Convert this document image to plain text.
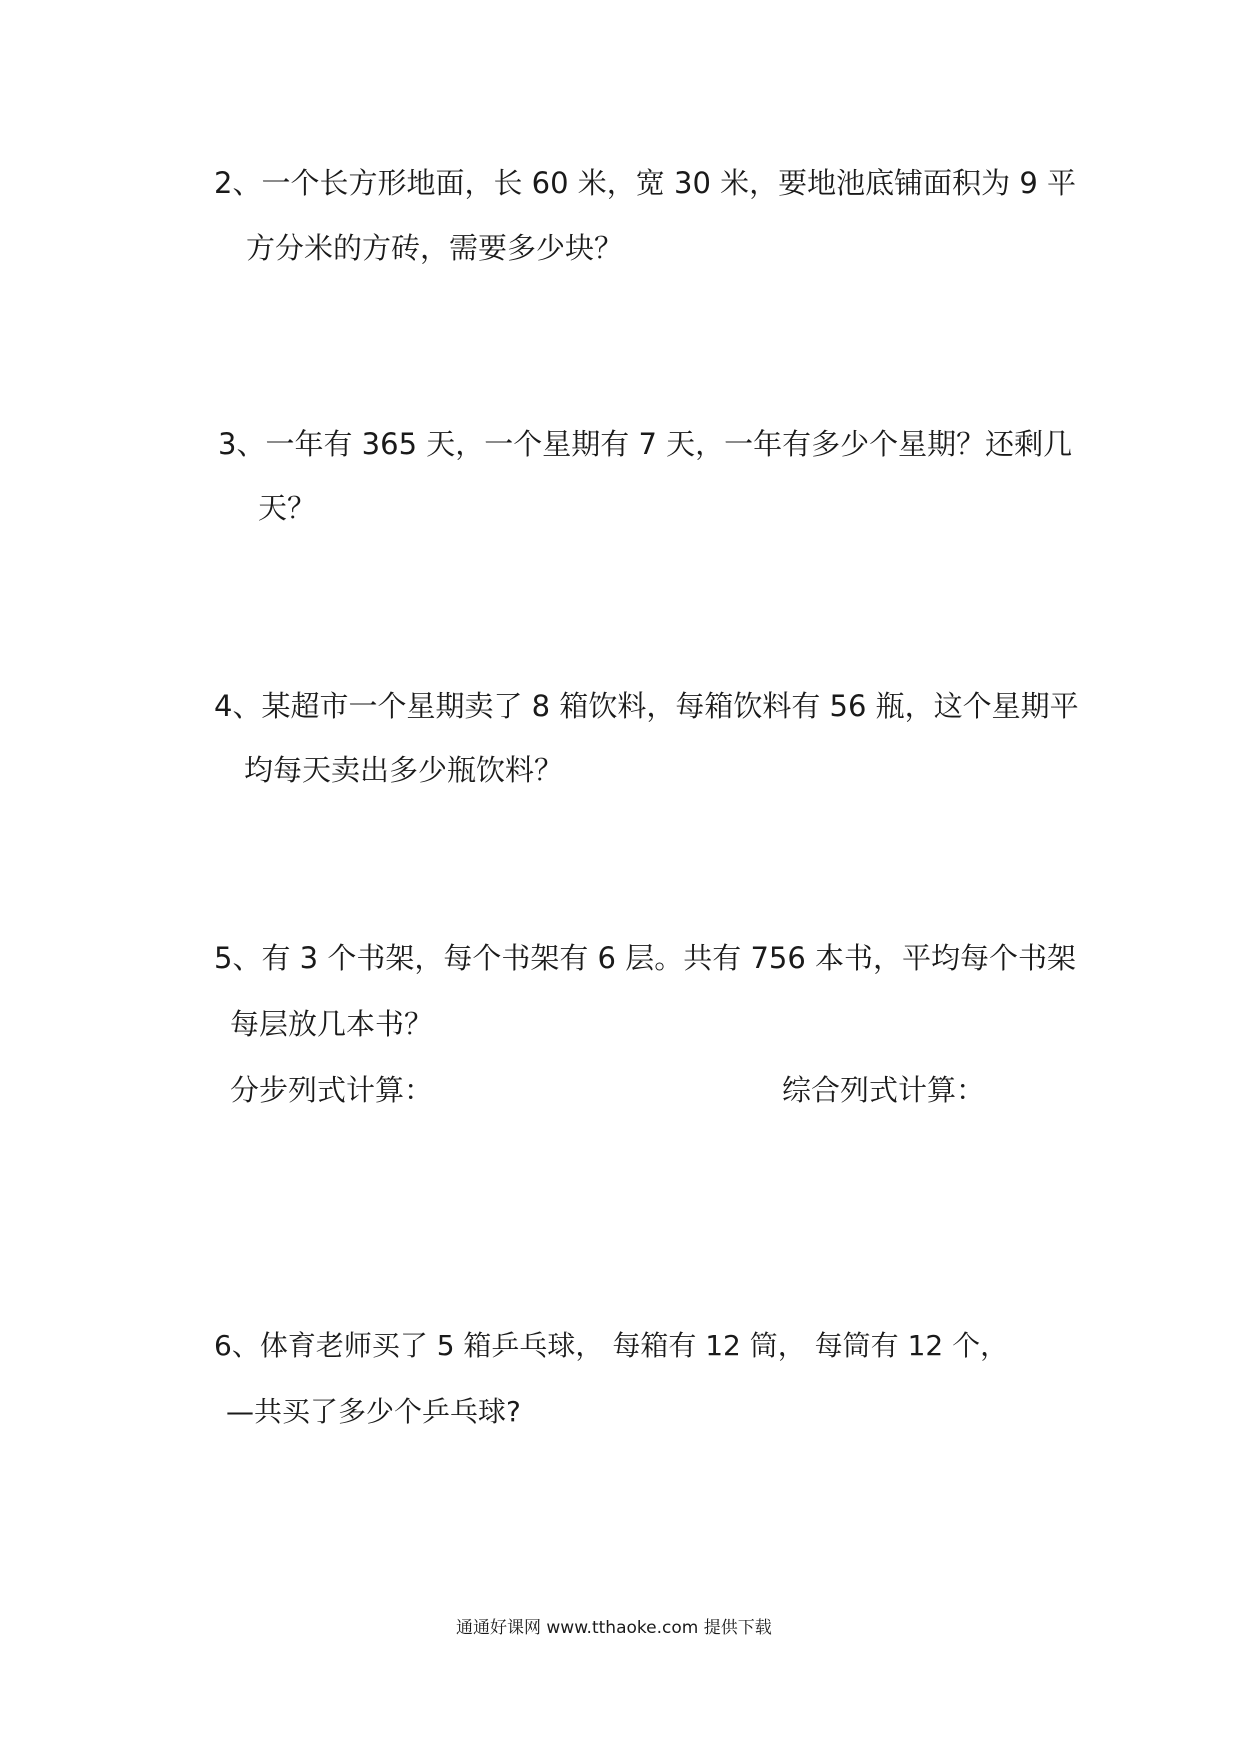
2、一个长方形地面，长 60 米，宽 30 米，要地池底铺面积为 9 平
方分米的方砖，需要多少块？
3、一年有 365 天，一个星期有 7 天，一年有多少个星期？还剩几
天？
4、某超市一个星期卖了 8 箱饮料，每箱饮料有 56 瓶，这个星期平
均每天卖出多少瓶饮料？
5、有 3 个书架，每个书架有 6 层。共有 756 本书，平均每个书架
每层放几本书？
分步列式计算：	综合列式计算：
6、体育老师买了 5 箱乒乓球， 每箱有 12 筒， 每筒有 12 个，
—共买了多少个乒乓球?
通通好课网 www.tthaoke.com 提供下载
